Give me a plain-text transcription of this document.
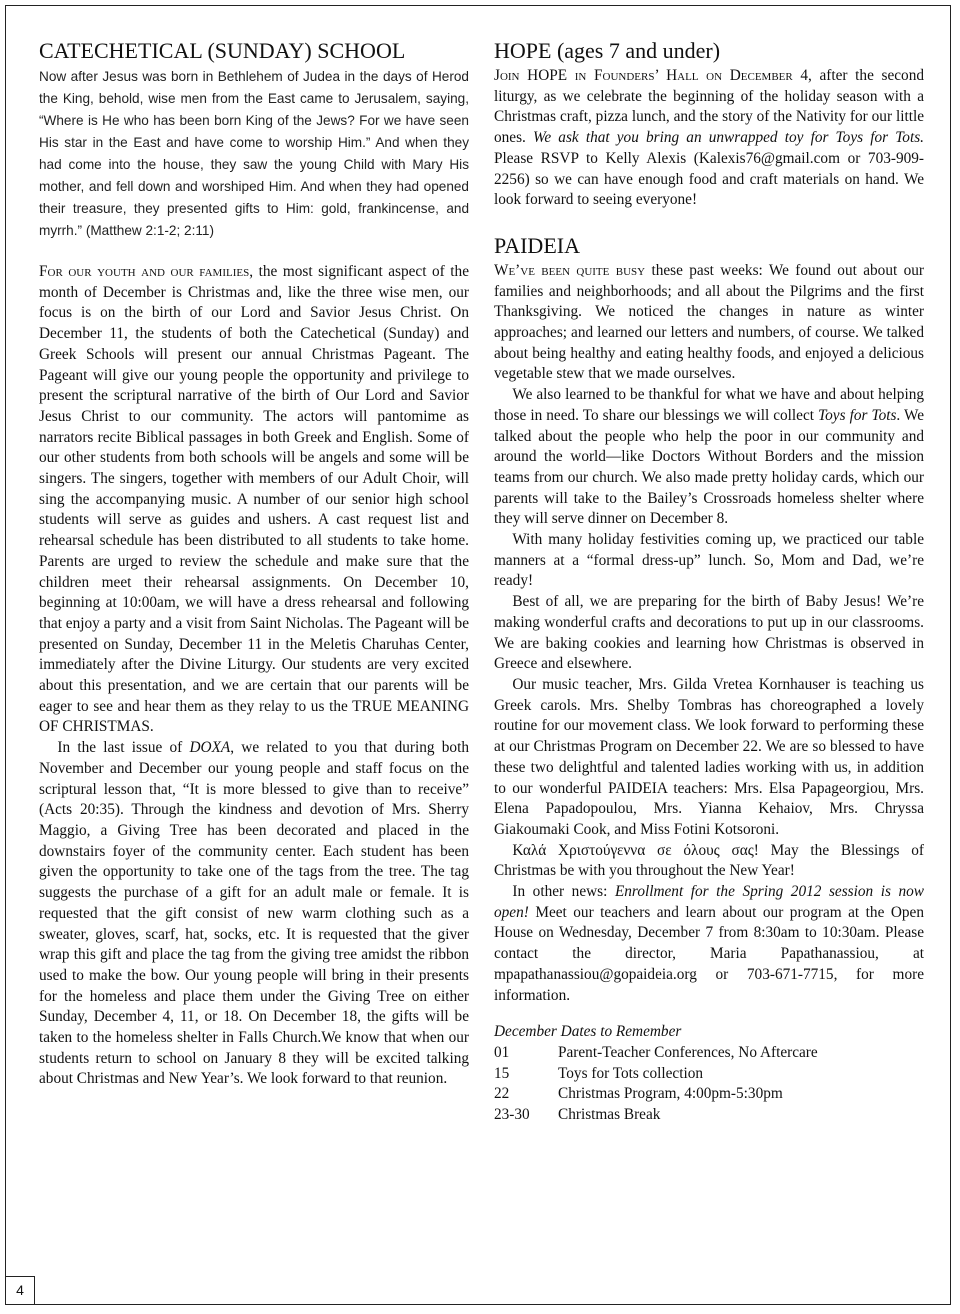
CATECHETICAL (SUNDAY) SCHOOL

Now after Jesus was born in Bethlehem of Judea in the days of Herod the King, behold, wise men from the East came to Jerusalem, saying, “Where is He who has been born King of the Jews? For we have seen His star in the East and have come to worship Him.” And when they had come into the house, they saw the young Child with Mary His mother, and fell down and worshiped Him. And when they had opened their treasure, they presented gifts to Him: gold, frankincense, and myrrh.” (Matthew 2:1-2; 2:11)

For our youth and our families, the most significant aspect of the month of December is Christmas and, like the three wise men, our focus is on the birth of our Lord and Savior Jesus Christ. On December 11, the students of both the Catechetical (Sunday) and Greek Schools will present our annual Christmas Pageant. The Pageant will give our young people the opportunity and privilege to present the scriptural narrative of the birth of Our Lord and Savior Jesus Christ to our community. The actors will pantomime as narrators recite Biblical passages in both Greek and English. Some of our other students from both schools will be angels and some will be singers. The singers, together with members of our Adult Choir, will sing the accompanying music. A number of our senior high school students will serve as guides and ushers. A cast request list and rehearsal schedule has been distributed to all students to take home. Parents are urged to review the schedule and make sure that the children meet their rehearsal assignments. On December 10, beginning at 10:00am, we will have a dress rehearsal and following that enjoy a party and a visit from Saint Nicholas. The Pageant will be presented on Sunday, December 11 in the Meletis Charuhas Center, immediately after the Divine Liturgy. Our students are very excited about this presentation, and we are certain that our parents will be eager to see and hear them as they relay to us the TRUE MEANING OF CHRISTMAS.

In the last issue of DOXA, we related to you that during both November and December our young people and staff focus on the scriptural lesson that, “It is more blessed to give than to receive” (Acts 20:35). Through the kindness and devotion of Mrs. Sherry Maggio, a Giving Tree has been decorated and placed in the downstairs foyer of the community center. Each student has been given the opportunity to take one of the tags from the tree. The tag suggests the purchase of a gift for an adult male or female. It is requested that the gift consist of new warm clothing such as a sweater, gloves, scarf, hat, socks, etc. It is requested that the giver wrap this gift and place the tag from the giving tree amidst the ribbon used to make the bow. Our young people will bring in their presents for the homeless and place them under the Giving Tree on either Sunday, December 4, 11, or 18. On December 18, the gifts will be taken to the homeless shelter in Falls Church.We know that when our students return to school on January 8 they will be excited talking about Christmas and New Year’s. We look forward to that reunion.

HOPE (ages 7 and under)

Join HOPE in Founders’ Hall on December 4, after the second liturgy, as we celebrate the beginning of the holiday season with a Christmas craft, pizza lunch, and the story of the Nativity for our little ones. We ask that you bring an unwrapped toy for Toys for Tots. Please RSVP to Kelly Alexis (Kalexis76@gmail.com or 703-909-2256) so we can have enough food and craft materials on hand. We look forward to seeing everyone!

PAIDEIA

We’ve been quite busy these past weeks: We found out about our families and neighborhoods; and all about the Pilgrims and the first Thanksgiving. We noticed the changes in nature as winter approaches; and learned our letters and numbers, of course. We talked about being healthy and eating healthy foods, and enjoyed a delicious vegetable stew that we made ourselves.

We also learned to be thankful for what we have and about helping those in need. To share our blessings we will collect Toys for Tots. We talked about the people who help the poor in our community and around the world—like Doctors Without Borders and the mission teams from our church. We also made pretty holiday cards, which our parents will take to the Bailey’s Crossroads homeless shelter where they will serve dinner on December 8.

With many holiday festivities coming up, we practiced our table manners at a “formal dress-up” lunch. So, Mom and Dad, we’re ready!

Best of all, we are preparing for the birth of Baby Jesus! We’re making wonderful crafts and decorations to put up in our classrooms. We are baking cookies and learning how Christmas is observed in Greece and elsewhere.

Our music teacher, Mrs. Gilda Vretea Kornhauser is teaching us Greek carols. Mrs. Shelby Tombras has choreographed a lovely routine for our movement class. We look forward to performing these at our Christmas Program on December 22. We are so blessed to have these two delightful and talented ladies working with us, in addition to our wonderful PAIDEIA teachers: Mrs. Elsa Papageorgiou, Mrs. Elena Papadopoulou, Mrs. Yianna Kehaiov, Mrs. Chryssa Giakoumaki Cook, and Miss Fotini Kotsoroni.

Καλά Χριστούγεννα σε όλους σας! May the Blessings of Christmas be with you throughout the New Year!

In other news: Enrollment for the Spring 2012 session is now open! Meet our teachers and learn about our program at the Open House on Wednesday, December 7 from 8:30am to 10:30am. Please contact the director, Maria Papathanassiou, at mpapathanassiou@gopaideia.org or 703-671-7715, for more information.

December Dates to Remember
01	Parent-Teacher Conferences, No Aftercare
15	Toys for Tots collection
22	Christmas Program, 4:00pm-5:30pm
23-30	Christmas Break
4
